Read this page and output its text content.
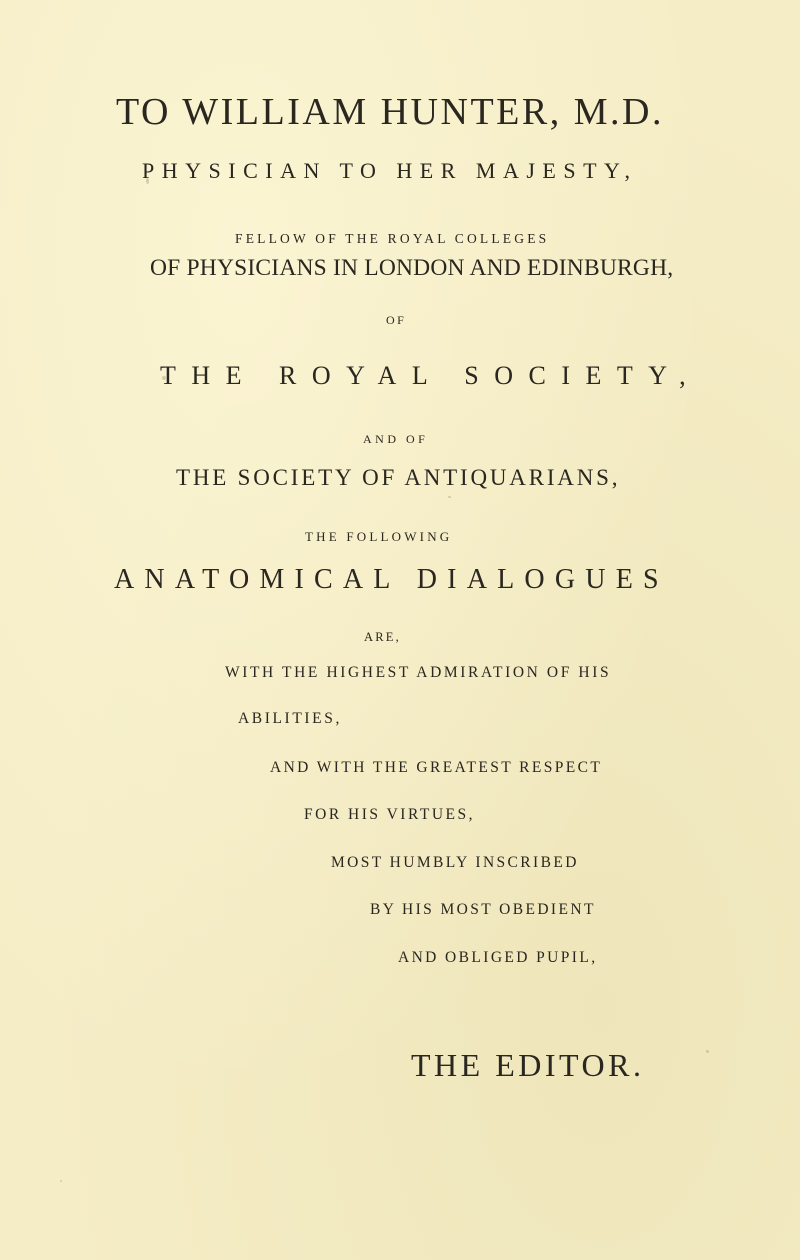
TO WILLIAM HUNTER, M.D.
PHYSICIAN TO HER MAJESTY,
FELLOW OF THE ROYAL COLLEGES
OF PHYSICIANS IN LONDON AND EDINBURGH,
OF
THE ROYAL SOCIETY,
AND OF
THE SOCIETY OF ANTIQUARIANS,
THE FOLLOWING
ANATOMICAL DIALOGUES
ARE,
WITH THE HIGHEST ADMIRATION OF HIS
ABILITIES,
AND WITH THE GREATEST RESPECT
FOR HIS VIRTUES,
MOST HUMBLY INSCRIBED
BY HIS MOST OBEDIENT
AND OBLIGED PUPIL,
THE EDITOR.
